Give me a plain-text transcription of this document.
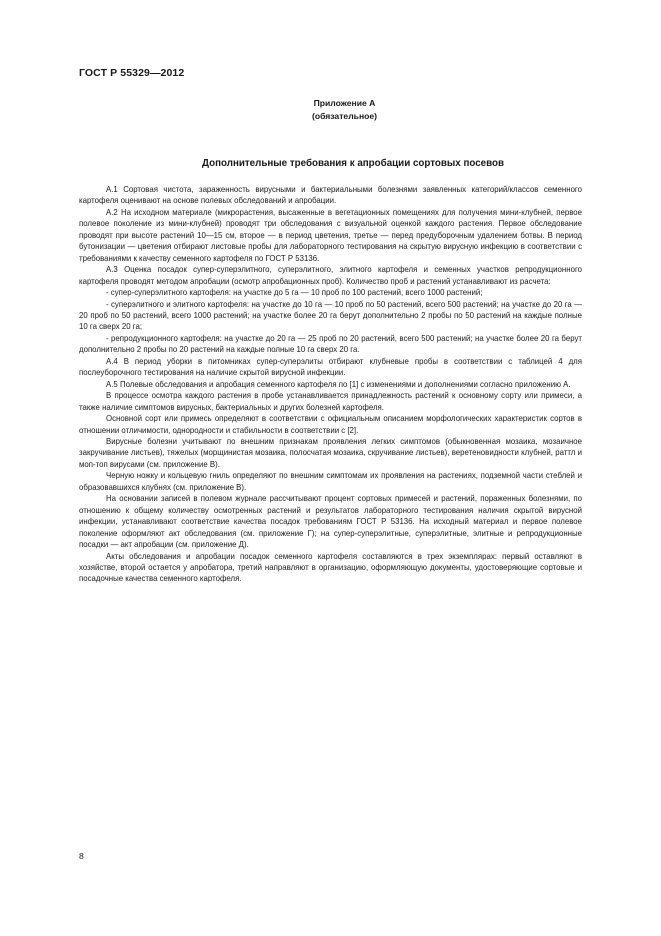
ГОСТ Р 55329—2012
Приложение А
(обязательное)
Дополнительные требования к апробации сортовых посевов

А.1 Сортовая чистота, зараженность вирусными и бактериальными болезнями заявленных категорий/классов семенного картофеля оценивают на основе полевых обследований и апробации.

А.2 На исходном материале (микрорастения, высаженные в вегетационных помещениях для получения мини-клубней, первое полевое поколение из мини-клубней) проводят три обследования с визуальной оценкой каждого растения. Первое обследование проводят при высоте растений 10—15 см, второе — в период цветения, третье — перед предуборочным удалением ботвы. В период бутонизации — цветения отбирают листовые пробы для лабораторного тестирования на скрытую вирусную инфекцию в соответствии с требованиями к качеству семенного картофеля по ГОСТ Р 53136.

А.3 Оценка посадок супер-суперэлитного, суперэлитного, элитного картофеля и семенных участков репродукционного картофеля проводят методом апробации (осмотр апробационных проб). Количество проб и растений устанавливают из расчета:

- супер-суперэлитного картофеля: на участке до 5 га — 10 проб по 100 растений, всего 1000 растений;

- суперэлитного и элитного картофеля: на участке до 10 га — 10 проб по 50 растений, всего 500 растений; на участке до 20 га — 20 проб по 50 растений, всего 1000 растений; на участке более 20 га берут дополнительно 2 пробы по 50 растений на каждые полные 10 га сверх 20 га;

- репродукционного картофеля: на участке до 20 га — 25 проб по 20 растений, всего 500 растений; на участке более 20 га берут дополнительно 2 пробы по 20 растений на каждые полные 10 га сверх 20 га.

А.4 В период уборки в питомниках супер-суперэлиты отбирают клубневые пробы в соответствии с таблицей 4 для послеуборочного тестирования на наличие скрытой вирусной инфекции.

А.5 Полевые обследования и апробация семенного картофеля по [1] с изменениями и дополнениями согласно приложению А.

В процессе осмотра каждого растения в пробе устанавливается принадлежность растений к основному сорту или примеси, а также наличие симптомов вирусных, бактериальных и других болезней картофеля.

Основной сорт или примесь определяют в соответствии с официальным описанием морфологических характеристик сортов в отношении отличимости, однородности и стабильности в соответствии с [2].

Вирусные болезни учитывают по внешним признакам проявления легких симптомов (обыкновенная мозаика, мозаичное закручивание листьев), тяжелых (морщинистая мозаика, полосчатая мозаика, скручивание листьев), веретеновидности клубней, раттл и моп-топ вирусами (см. приложение В).

Черную ножку и кольцевую гниль определяют по внешним симптомам их проявления на растениях, подземной части стеблей и образовавшихся клубнях (см. приложение В).

На основании записей в полевом журнале рассчитывают процент сортовых примесей и растений, пораженных болезнями, по отношению к общему количеству осмотренных растений и результатов лабораторного тестирования наличия скрытой вирусной инфекции, устанавливают соответствие качества посадок требованиям ГОСТ Р 53136. На исходный материал и первое полевое поколение оформляют акт обследования (см. приложение Г); на супер-суперэлитные, суперэлитные, элитные и репродукционные посадки — акт апробации (см. приложение Д).

Акты обследования и апробации посадок семенного картофеля составляются в трех экземплярах: первый оставляют в хозяйстве, второй остается у апробатора, третий направляют в организацию, оформляющую документы, удостоверяющие сортовые и посадочные качества семенного картофеля.

8
